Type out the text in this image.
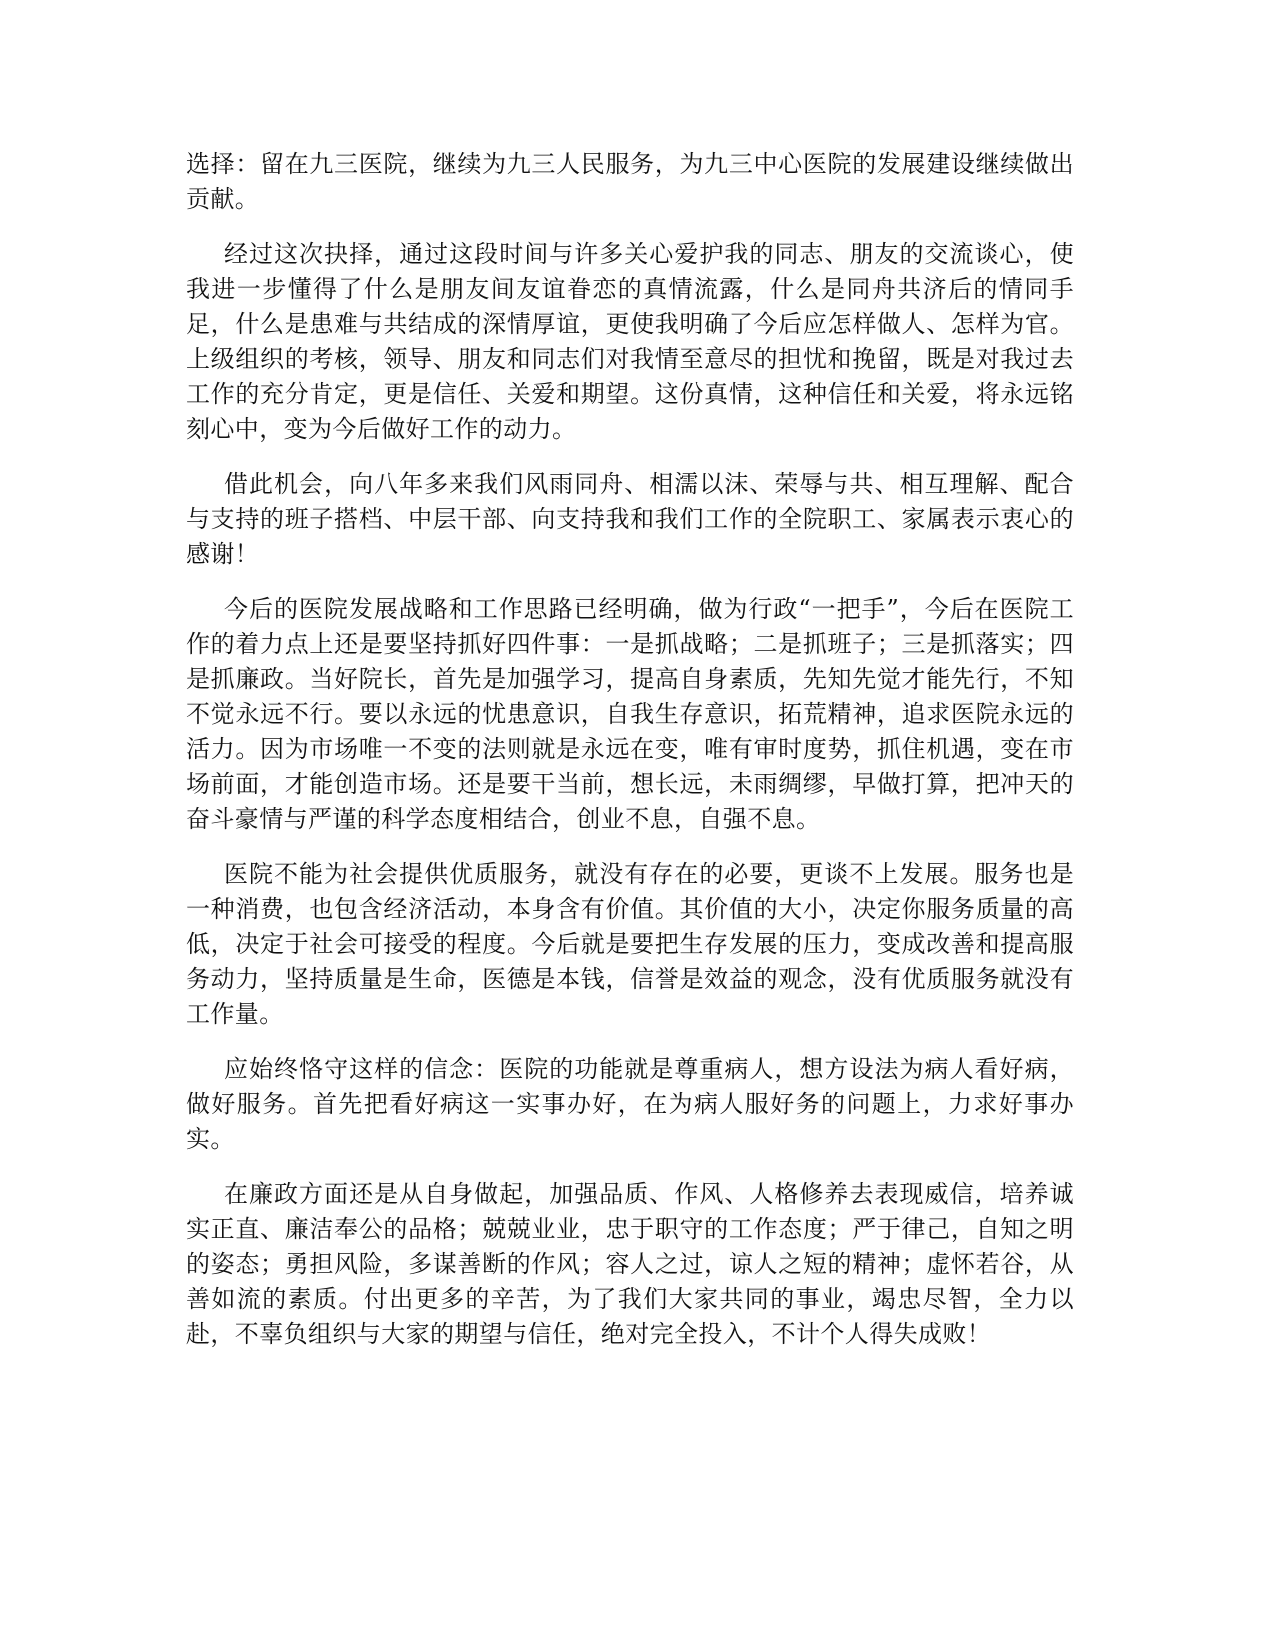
选择：留在九三医院，继续为九三人民服务，为九三中心医院的发展建设继续做出贡献。

经过这次抉择，通过这段时间与许多关心爱护我的同志、朋友的交流谈心，使我进一步懂得了什么是朋友间友谊眷恋的真情流露，什么是同舟共济后的情同手足，什么是患难与共结成的深情厚谊，更使我明确了今后应怎样做人、怎样为官。上级组织的考核，领导、朋友和同志们对我情至意尽的担忧和挽留，既是对我过去工作的充分肯定，更是信任、关爱和期望。这份真情，这种信任和关爱，将永远铭刻心中，变为今后做好工作的动力。

借此机会，向八年多来我们风雨同舟、相濡以沫、荣辱与共、相互理解、配合与支持的班子搭档、中层干部、向支持我和我们工作的全院职工、家属表示衷心的感谢！

今后的医院发展战略和工作思路已经明确，做为行政“一把手”，今后在医院工作的着力点上还是要坚持抓好四件事：一是抓战略；二是抓班子；三是抓落实；四是抓廉政。当好院长，首先是加强学习，提高自身素质，先知先觉才能先行，不知不觉永远不行。要以永远的忧患意识，自我生存意识，拓荒精神，追求医院永远的活力。因为市场唯一不变的法则就是永远在变，唯有审时度势，抓住机遇，变在市场前面，才能创造市场。还是要干当前，想长远，未雨绸缪，早做打算，把冲天的奋斗豪情与严谨的科学态度相结合，创业不息，自强不息。

医院不能为社会提供优质服务，就没有存在的必要，更谈不上发展。服务也是一种消费，也包含经济活动，本身含有价值。其价值的大小，决定你服务质量的高低，决定于社会可接受的程度。今后就是要把生存发展的压力，变成改善和提高服务动力，坚持质量是生命，医德是本钱，信誉是效益的观念，没有优质服务就没有工作量。

应始终恪守这样的信念：医院的功能就是尊重病人，想方设法为病人看好病，做好服务。首先把看好病这一实事办好，在为病人服好务的问题上，力求好事办实。

在廉政方面还是从自身做起，加强品质、作风、人格修养去表现威信，培养诚实正直、廉洁奉公的品格；兢兢业业，忠于职守的工作态度；严于律己，自知之明的姿态；勇担风险，多谋善断的作风；容人之过，谅人之短的精神；虚怀若谷，从善如流的素质。付出更多的辛苦，为了我们大家共同的事业，竭忠尽智，全力以赴，不辜负组织与大家的期望与信任，绝对完全投入，不计个人得失成败！
